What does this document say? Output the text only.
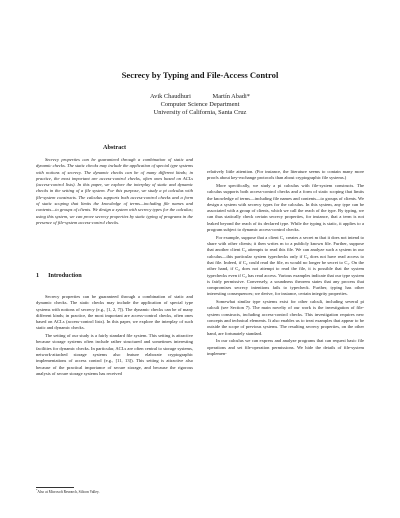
Secrecy by Typing and File-Access Control
Avik Chaudhuri	Martín Abadi*
Computer Science Department
University of California, Santa Cruz
Abstract

Secrecy properties can be guaranteed through a combination of static and dynamic checks. The static checks may include the application of special type systems with notions of secrecy. The dynamic checks can be of many different kinds; in practice, the most important are access-control checks, often ones based on ACLs (access-control lists). In this paper, we explore the interplay of static and dynamic checks in the setting of a file system. For this purpose, we study a pi calculus with file-system constructs. The calculus supports both access-control checks and a form of static scoping that limits the knowledge of terms—including file names and contents—to groups of clients. We design a system with secrecy types for the calculus; using this system, we can prove secrecy properties by static typing of programs in the presence of file-system access-control checks.

1 Introduction

Secrecy properties can be guaranteed through a combination of static and dynamic checks. The static checks may include the application of special type systems with notions of secrecy (e.g., [1, 2, 7]). The dynamic checks can be of many different kinds; in practice, the most important are access-control checks, often ones based on ACLs (access-control lists). In this paper, we explore the interplay of such static and dynamic checks.

The setting of our study is a fairly standard file system. This setting is attractive because storage systems often include rather structured and sometimes interesting facilities for dynamic checks. In particular, ACLs are often central to storage systems, network-attached storage systems also feature elaborate cryptographic implementations of access control (e.g., [11, 13]). This setting is attractive also because of the practical importance of secure storage, and because the rigorous analysis of secure storage systems has received

relatively little attention. (For instance, the literature seems to contain many more proofs about key-exchange protocols than about cryptographic file systems.)

More specifically, we study a pi calculus with file-system constructs. The calculus supports both access-control checks and a form of static scoping that limits the knowledge of terms—including file names and contents—to groups of clients. We design a system with secrecy types for the calculus. In this system, any type can be associated with a group of clients, which we call the reach of the type. By typing, we can thus statically check certain secrecy properties, for instance, that a term is not leaked beyond the reach of its declared type. While the typing is static, it applies to a program subject to dynamic access-control checks.

For example, suppose that a client C₁ creates a secret m that it does not intend to share with other clients; it then writes m to a publicly known file. Further, suppose that another client C₂ attempts to read this file. We can analyze such a system in our calculus—this particular system typechecks only if C₂ does not have read access to that file. Indeed, if C₂ could read the file, m would no longer be secret to C₁. On the other hand, if C₂ does not attempt to read the file, it is possible that the system typechecks even if C₂ has read access. Various examples indicate that our type system is fairly permissive. Conversely, a soundness theorem states that any process that compromises secrecy intentions fails to typecheck. Further, typing has other interesting consequences; we derive, for instance, certain integrity properties.

Somewhat similar type systems exist for other calculi, including several pi calculi (see Section 7). The main novelty of our work is the investigation of file-system constructs, including access-control checks. This investigation requires new concepts and technical elements. It also enables us to treat examples that appear to be outside the scope of previous systems. The resulting secrecy properties, on the other hand, are fortunately standard.

In our calculus we can express and analyze programs that can request basic file operations and set file-operation permissions. We hide the details of file-system implemen-

*Also at Microsoft Research, Silicon Valley.
